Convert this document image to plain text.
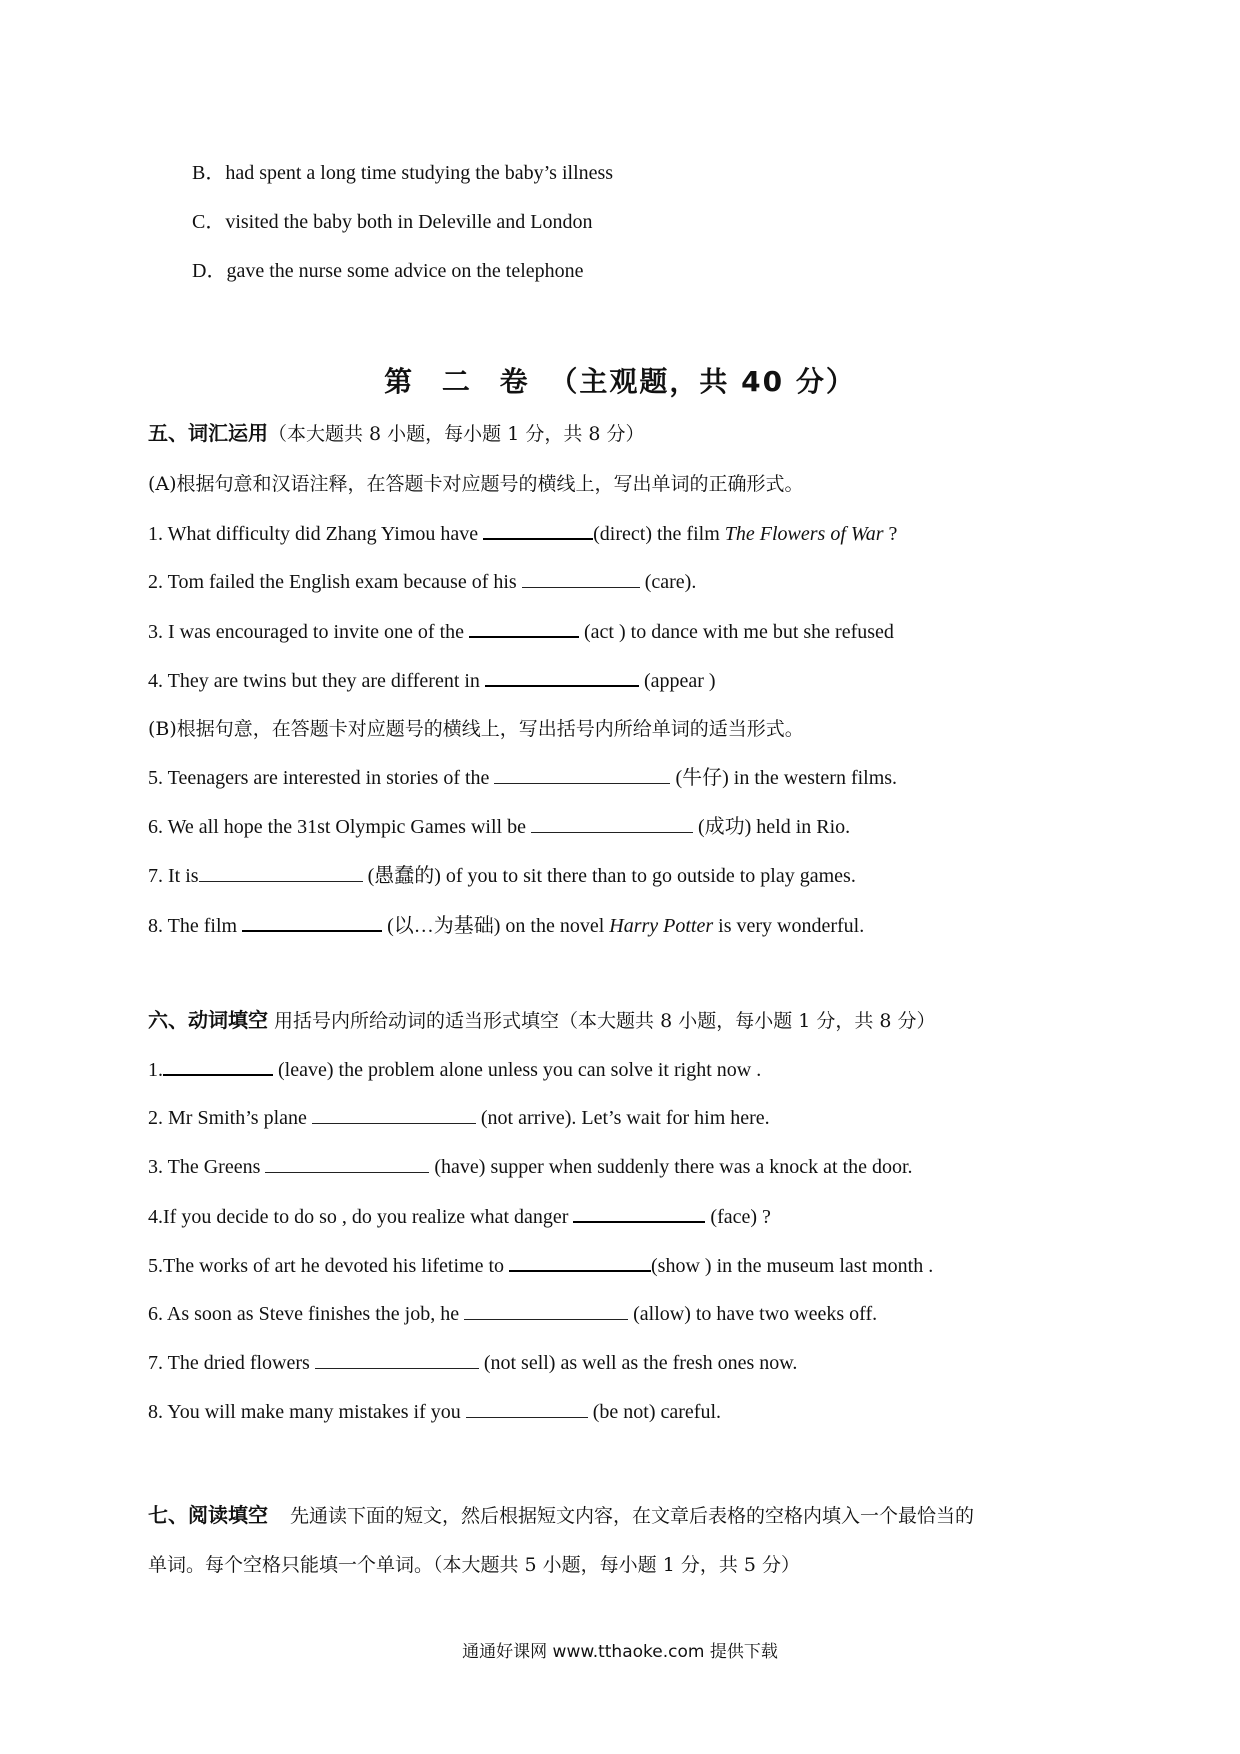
B．had spent a long time studying the baby’s illness
C．visited the baby both in Deleville and London
D．gave the nurse some advice on the telephone
第 二 卷 （主观题，共 40 分）
五、词汇运用（本大题共 8 小题，每小题 1 分，共 8 分）
(A)根据句意和汉语注释，在答题卡对应题号的横线上，写出单词的正确形式。
1. What difficulty did Zhang Yimou have	(direct) the film The Flowers of War ?
2. Tom failed the English exam because of his	(care).
3. I was encouraged to invite one of the	(act ) to dance with me but she refused
4. They are twins but they are different in	(appear )
(B)根据句意，在答题卡对应题号的横线上，写出括号内所给单词的适当形式。
5. Teenagers are interested in stories of the	(牛仔) in the western films.
6. We all hope the 31st Olympic Games will be	(成功) held in Rio.
7. It is	(愚蠢的) of you to sit there than to go outside to play games.
8. The film	(以…为基础) on the novel Harry Potter is very wonderful.
六、动词填空 用括号内所给动词的适当形式填空（本大题共 8 小题，每小题 1 分，共 8 分）
1.	(leave) the problem alone unless you can solve it right now .
2. Mr Smith’s plane	(not arrive). Let’s wait for him here.
3. The Greens	(have) supper when suddenly there was a knock at the door.
4.If you decide to do so , do you realize what danger	(face) ?
5.The works of art he devoted his lifetime to	(show ) in the museum last month .
6. As soon as Steve finishes the job, he	(allow) to have two weeks off.
7. The dried flowers	(not sell) as well as the fresh ones now.
8. You will make many mistakes if you	(be not) careful.
七、阅读填空 先通读下面的短文，然后根据短文内容，在文章后表格的空格内填入一个最恰当的
单词。每个空格只能填一个单词。（本大题共 5 小题，每小题 1 分，共 5 分）
通通好课网 www.tthaoke.com 提供下载
